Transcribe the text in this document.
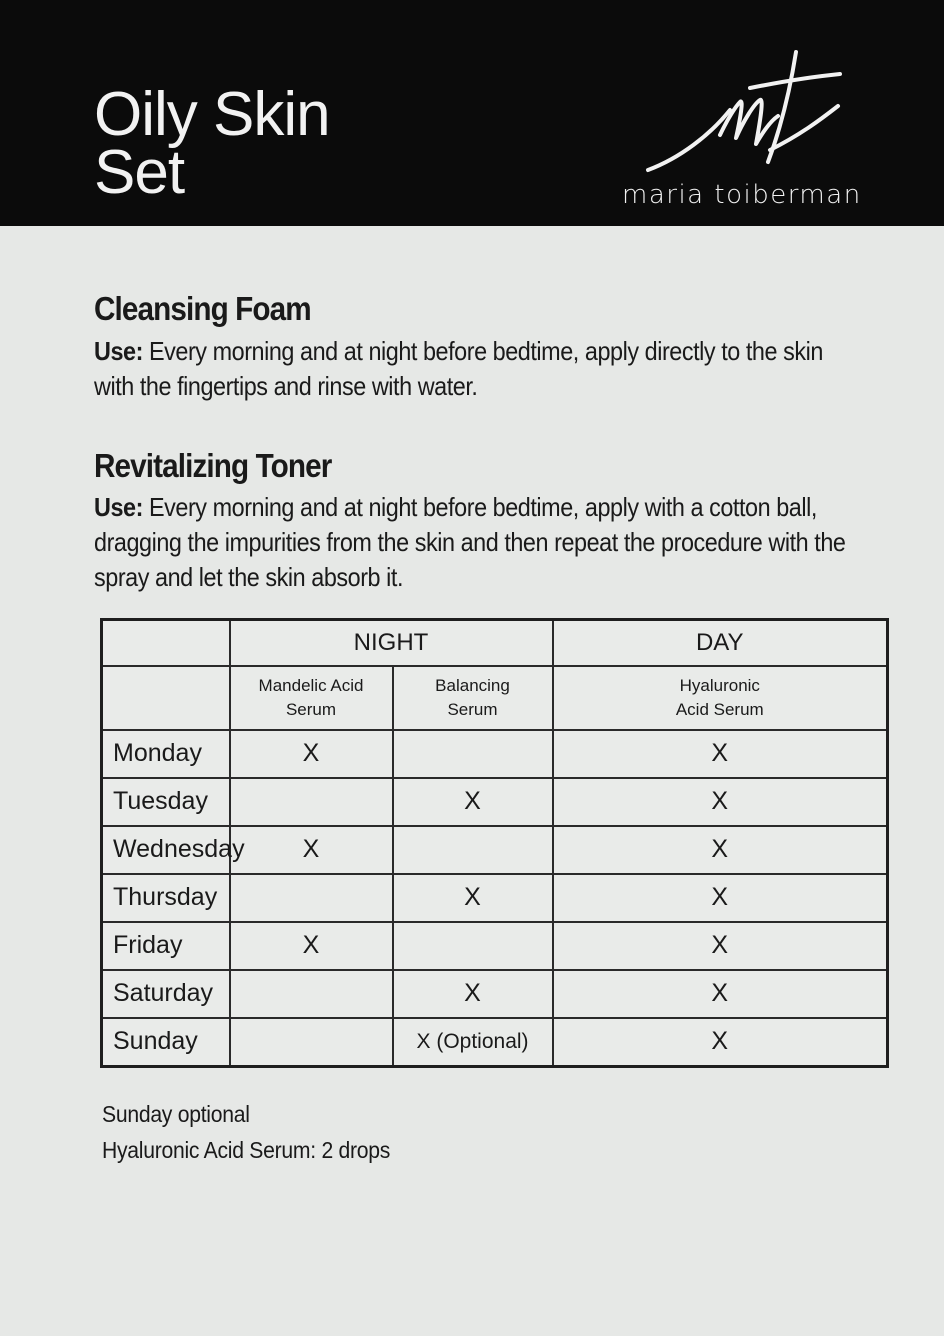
Oily Skin
Set	maria toiberman
Cleansing Foam
Use: Every morning and at night before bedtime, apply directly to the skin with the fingertips and rinse with water.
Revitalizing Toner
Use: Every morning and at night before bedtime, apply with a cotton ball, dragging the impurities from the skin and then repeat the procedure with the spray and let the skin absorb it.
	NIGHT		DAY
	Mandelic Acid Serum	Balancing Serum	Hyaluronic Acid Serum
Monday	X		X
Tuesday		X	X
Wednesday	X		X
Thursday		X	X
Friday	X		X
Saturday		X	X
Sunday		X (Optional)	X
Sunday optional
Hyaluronic Acid Serum: 2 drops
